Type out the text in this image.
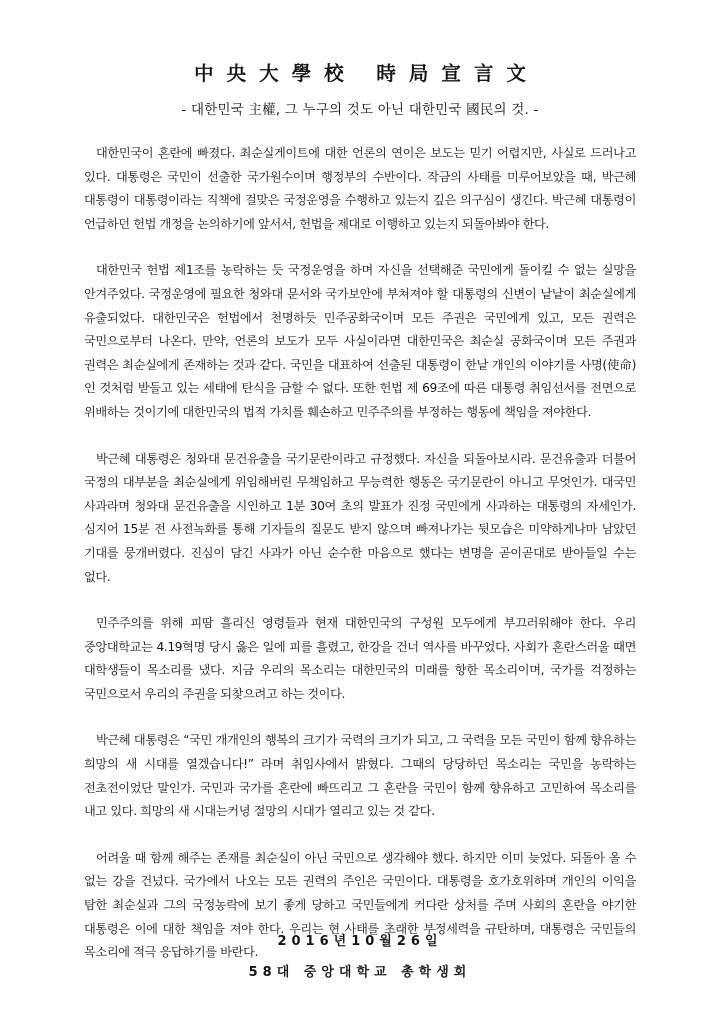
中央大學校 時局宣言文
- 대한민국 主權, 그 누구의 것도 아닌 대한민국 國民의 것. -

대한민국이 혼란에 빠졌다. 최순실게이트에 대한 언론의 연이은 보도는 믿기 어렵지만, 사실로 드러나고 있다. 대통령은 국민이 선출한 국가원수이며 행정부의 수반이다. 작금의 사태를 미루어보았을 때, 박근혜 대통령이 대통령이라는 직책에 걸맞은 국정운영을 수행하고 있는지 깊은 의구심이 생긴다. 박근혜 대통령이 언급하던 헌법 개정을 논의하기에 앞서서, 헌법을 제대로 이행하고 있는지 되돌아봐야 한다.

대한민국 헌법 제1조를 농락하는 듯 국정운영을 하며 자신을 선택해준 국민에게 돌이킬 수 없는 실망을 안겨주었다. 국정운영에 필요한 청와대 문서와 국가보안에 부쳐져야 할 대통령의 신변이 낱낱이 최순실에게 유출되었다. 대한민국은 헌법에서 천명하듯 민주공화국이며 모든 주권은 국민에게 있고, 모든 권력은 국민으로부터 나온다. 만약, 언론의 보도가 모두 사실이라면 대한민국은 최순실 공화국이며 모든 주권과 권력은 최순실에게 존재하는 것과 같다. 국민을 대표하여 선출된 대통령이 한낱 개인의 이야기를 사명(使命)인 것처럼 받들고 있는 세태에 탄식을 금할 수 없다. 또한 헌법 제 69조에 따른 대통령 취임선서를 전면으로 위배하는 것이기에 대한민국의 법적 가치를 훼손하고 민주주의를 부정하는 행동에 책임을 져야한다.

박근혜 대통령은 청와대 문건유출을 국기문란이라고 규정했다. 자신을 되돌아보시라. 문건유출과 더불어 국정의 대부분을 최순실에게 위임해버린 무책임하고 무능력한 행동은 국기문란이 아니고 무엇인가. 대국민 사과라며 청와대 문건유출을 시인하고 1분 30여 초의 발표가 진정 국민에게 사과하는 대통령의 자세인가. 심지어 15분 전 사전녹화를 통해 기자들의 질문도 받지 않으며 빠져나가는 뒷모습은 미약하게나마 남았던 기대를 뭉개버렸다. 진심이 담긴 사과가 아닌 순수한 마음으로 했다는 변명을 곧이곧대로 받아들일 수는 없다.

민주주의를 위해 피땀 흘리신 영령들과 현재 대한민국의 구성원 모두에게 부끄러워해야 한다. 우리 중앙대학교는 4.19혁명 당시 옳은 일에 피를 흘렸고, 한강을 건너 역사를 바꾸었다. 사회가 혼란스러울 때면 대학생들이 목소리를 냈다. 지금 우리의 목소리는 대한민국의 미래를 향한 목소리이며, 국가를 걱정하는 국민으로서 우리의 주권을 되찾으려고 하는 것이다.

박근혜 대통령은 “국민 개개인의 행복의 크기가 국력의 크기가 되고, 그 국력을 모든 국민이 함께 향유하는 희망의 새 시대를 열겠습니다!” 라며 취임사에서 밝혔다. 그때의 당당하던 목소리는 국민을 농락하는 전초전이었단 말인가. 국민과 국가를 혼란에 빠뜨리고 그 혼란을 국민이 함께 향유하고 고민하여 목소리를 내고 있다. 희망의 새 시대는커녕 절망의 시대가 열리고 있는 것 같다.

어려울 때 함께 해주는 존재를 최순실이 아닌 국민으로 생각해야 했다. 하지만 이미 늦었다. 되돌아 올 수 없는 강을 건넜다. 국가에서 나오는 모든 권력의 주인은 국민이다. 대통령을 호가호위하며 개인의 이익을 탐한 최순실과 그의 국정농락에 보기 좋게 당하고 국민들에게 커다란 상처를 주며 사회의 혼란을 야기한 대통령은 이에 대한 책임을 져야 한다. 우리는 현 사태를 초래한 부정세력을 규탄하며, 대통령은 국민들의 목소리에 적극 응답하기를 바란다.

2016년10월26일
58대 중앙대학교 총학생회
